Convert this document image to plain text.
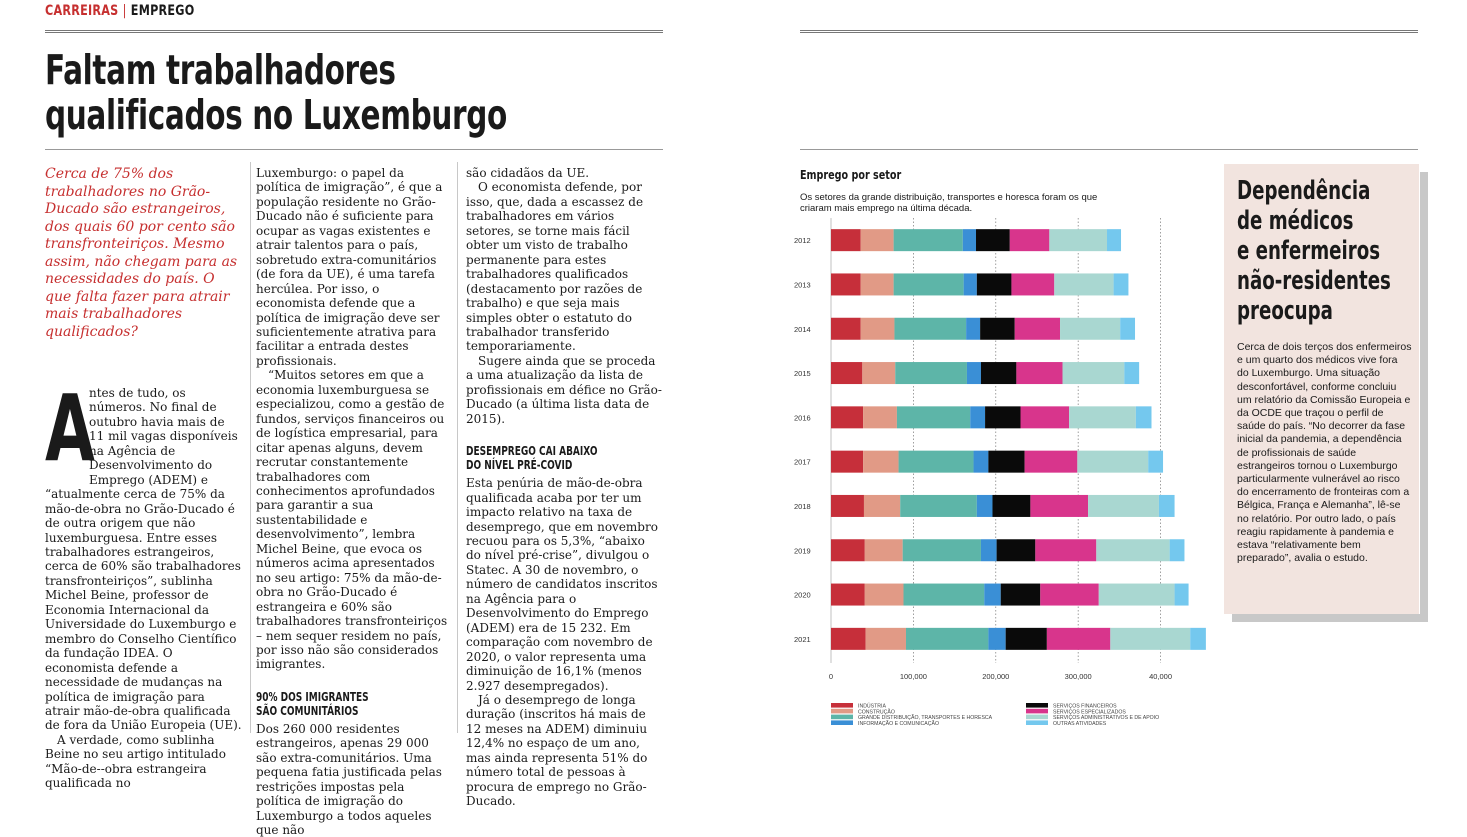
CARREIRAS | EMPREGO
Faltam trabalhadores
qualificados no Luxemburgo
Cerca de 75% dos trabalhadores no Grão-Ducado são estrangeiros, dos quais 60 por cento são transfronteiriços. Mesmo assim, não chegam para as necessidades do país. O que falta fazer para atrair mais trabalhadores qualificados?
A

ntes de tudo, os números. No final de outubro havia mais de 11 mil vagas disponíveis na Agência de Desenvolvimento do Emprego (ADEM) e “atualmente cerca de 75% da mão-de-obra no Grão-Ducado é de outra origem que não luxemburguesa. Entre esses trabalhadores estrangeiros, cerca de 60% são trabalhadores transfronteiriços”, sublinha Michel Beine, professor de Economia Internacional da Universidade do Luxemburgo e membro do Conselho Científico da fundação IDEA. O economista defende a necessidade de mudanças na política de imigração para atrair mão-de-obra qualificada de fora da União Europeia (UE).

A verdade, como sublinha Beine no seu artigo intitulado “Mão-de--obra estrangeira qualificada no

Luxemburgo: o papel da política de imigração”, é que a população residente no Grão-Ducado não é suficiente para ocupar as vagas existentes e atrair talentos para o país, sobretudo extra-comunitários (de fora da UE), é uma tarefa hercúlea. Por isso, o economista defende que a política de imigração deve ser suficientemente atrativa para facilitar a entrada destes profissionais.

“Muitos setores em que a economia luxemburguesa se especializou, como a gestão de fundos, serviços financeiros ou de logística empresarial, para citar apenas alguns, devem recrutar constantemente trabalhadores com conhecimentos aprofundados para garantir a sua sustentabilidade e desenvolvimento”, lembra Michel Beine, que evoca os números acima apresentados no seu artigo: 75% da mão-de-obra no Grão-Ducado é estrangeira e 60% são trabalhadores transfronteiriços – nem sequer residem no país, por isso não são considerados imigrantes.

90% DOS IMIGRANTES
SÃO COMUNITÁRIOS

Dos 260 000 residentes estrangeiros, apenas 29 000 são extra-comunitários. Uma pequena fatia justificada pelas restrições impostas pela política de imigração do Luxemburgo a todos aqueles que não

são cidadãos da UE.

O economista defende, por isso, que, dada a escassez de trabalhadores em vários setores, se torne mais fácil obter um visto de trabalho permanente para estes trabalhadores qualificados (destacamento por razões de trabalho) e que seja mais simples obter o estatuto do trabalhador transferido temporariamente.

Sugere ainda que se proceda a uma atualização da lista de profissionais em défice no Grão-Ducado (a última lista data de 2015).

DESEMPREGO CAI ABAIXO
DO NÍVEL PRÉ-COVID

Esta penúria de mão-de-obra qualificada acaba por ter um impacto relativo na taxa de desemprego, que em novembro recuou para os 5,3%, “abaixo do nível pré-crise”, divulgou o Statec. A 30 de novembro, o número de candidatos inscritos na Agência para o Desenvolvimento do Emprego (ADEM) era de 15 232. Em comparação com novembro de 2020, o valor representa uma diminuição de 16,1% (menos 2.927 desempregados).

Já o desemprego de longa duração (inscritos há mais de 12 meses na ADEM) diminuiu 12,4% no espaço de um ano, mas ainda representa 51% do número total de pessoas à procura de emprego no Grão-Ducado.

Emprego por setor
Os setores da grande distribuição, transportes e horesca foram os que criaram mais emprego na última década.
2012
2013
2014
2015
2016
2017
2018
2019
2020
2021
0	100,000	200,000	300,000	40,000
INDÚSTRIA
CONSTRUÇÃO
GRANDE DISTRIBUIÇÃO, TRANSPORTES E HORESCA
INFORMAÇÃO E COMUNICAÇÃO
SERVIÇOS FINANCEIROS
SERVIÇOS ESPECIALIZADOS
SERVIÇOS ADMINISTRATIVOS E DE APOIO
OUTRAS ATIVIDADES
Dependência
de médicos
e enfermeiros
não-residentes
preocupa

Cerca de dois terços dos enfermeiros e um quarto dos médicos vive fora do Luxemburgo. Uma situação desconfortável, conforme concluiu um relatório da Comissão Europeia e da OCDE que traçou o perfil de saúde do país. “No decorrer da fase inicial da pandemia, a dependência de profissionais de saúde estrangeiros tornou o Luxemburgo particularmente vulnerável ao risco do encerramento de fronteiras com a Bélgica, França e Alemanha”, lê-se no relatório. Por outro lado, o país reagiu rapidamente à pandemia e estava “relativamente bem preparado”, avalia o estudo.
